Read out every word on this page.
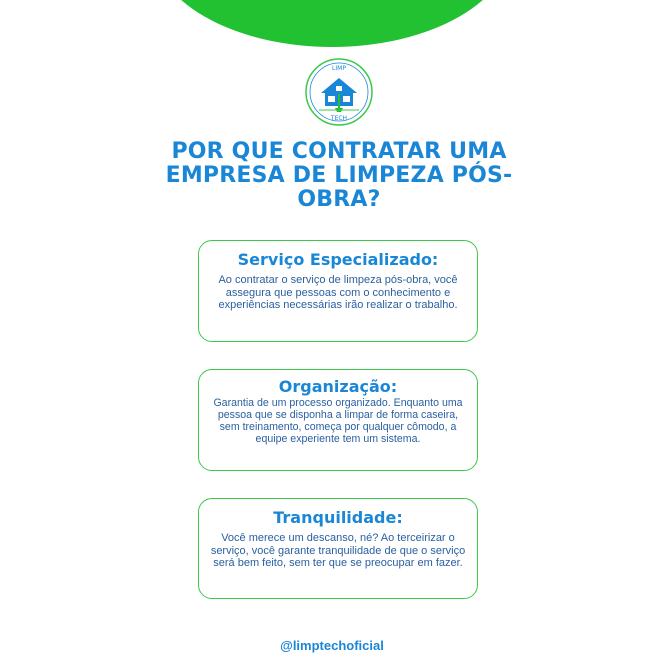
LIMP
TECH
POR QUE CONTRATAR UMA EMPRESA DE LIMPEZA PÓS-OBRA?
Serviço Especializado:
Ao contratar o serviço de limpeza pós-obra, você assegura que pessoas com o conhecimento e experiências necessárias irão realizar o trabalho.
Organização:
Garantia de um processo organizado. Enquanto uma pessoa que se disponha a limpar de forma caseira, sem treinamento, começa por qualquer cômodo, a equipe experiente tem um sistema.
Tranquilidade:
Você merece um descanso, né? Ao terceirizar o serviço, você garante tranquilidade de que o serviço será bem feito, sem ter que se preocupar em fazer.
@limptechoficial
